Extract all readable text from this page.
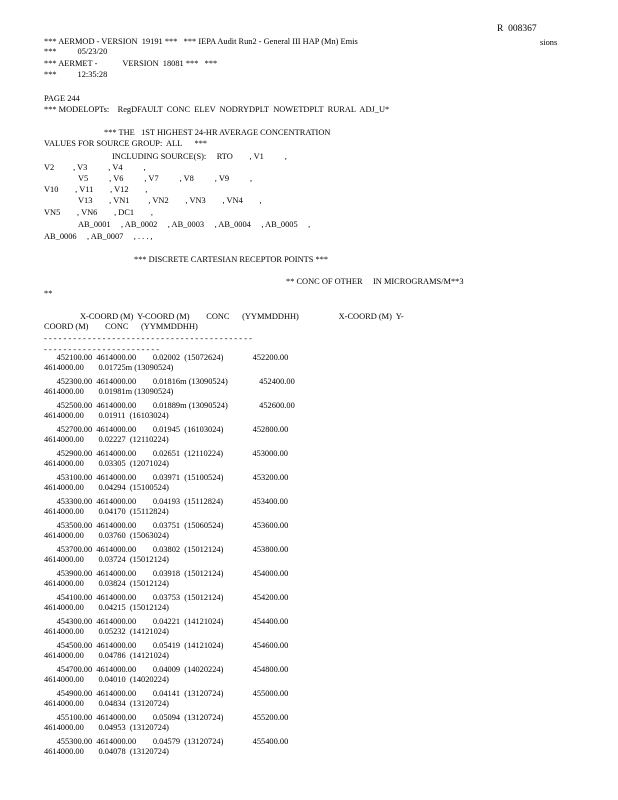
R  008367
*** AERMOD - VERSION  19191 ***   *** IEPA Audit Run2 - General III HAP (Mn) Emis	sions
***          05/23/20
*** AERMET -            VERSION  18081 ***   ***
***          12:35:28
PAGE 244
*** MODELOPTs:    RegDFAULT  CONC  ELEV  NODRYDPLT  NOWETDPLT  RURAL  ADJ_U*
*** THE   1ST HIGHEST 24-HR AVERAGE CONCENTRATION
VALUES FOR SOURCE GROUP:  ALL      ***
INCLUDING SOURCE(S):     RTO        , V1          ,
V2         , V3          , V4          ,
V5          , V6          , V7          , V8          , V9          ,
V10        , V11        , V12        ,
V13        , VN1         , VN2        , VN3        , VN4        ,
VN5        , VN6        , DC1        ,
AB_0001     , AB_0002     , AB_0003     , AB_0004     , AB_0005     ,
AB_0006     , AB_0007     , . . . ,
*** DISCRETE CARTESIAN RECEPTOR POINTS ***
** CONC OF OTHER     IN MICROGRAMS/M**3
**
X-COORD (M)  Y-COORD (M)        CONC      (YYMMDDHH)                   X-COORD (M)  Y-
COORD (M)        CONC      (YYMMDDHH)
- - - - - - - - - - - - - - - - - - - - - - - - - - - - - - - - - - - - - - - - - - -
- - - - - - - - - - - - - - - - - - - - - - - -
452100.00  4614000.00        0.02002  (15072624)              452200.00
4614000.00       0.01725m (13090524)
452300.00  4614000.00        0.01816m (13090524)               452400.00
4614000.00       0.01981m (13090524)
452500.00  4614000.00        0.01889m (13090524)               452600.00
4614000.00       0.01911  (16103024)
452700.00  4614000.00        0.01945  (16103024)              452800.00
4614000.00       0.02227  (12110224)
452900.00  4614000.00        0.02651  (12110224)              453000.00
4614000.00       0.03305  (12071024)
453100.00  4614000.00        0.03971  (15100524)              453200.00
4614000.00       0.04294  (15100524)
453300.00  4614000.00        0.04193  (15112824)              453400.00
4614000.00       0.04170  (15112824)
453500.00  4614000.00        0.03751  (15060524)              453600.00
4614000.00       0.03760  (15063024)
453700.00  4614000.00        0.03802  (15012124)              453800.00
4614000.00       0.03724  (15012124)
453900.00  4614000.00        0.03918  (15012124)              454000.00
4614000.00       0.03824  (15012124)
454100.00  4614000.00        0.03753  (15012124)              454200.00
4614000.00       0.04215  (15012124)
454300.00  4614000.00        0.04221  (14121024)              454400.00
4614000.00       0.05232  (14121024)
454500.00  4614000.00        0.05419  (14121024)              454600.00
4614000.00       0.04786  (14121024)
454700.00  4614000.00        0.04009  (14020224)              454800.00
4614000.00       0.04010  (14020224)
454900.00  4614000.00        0.04141  (13120724)              455000.00
4614000.00       0.04834  (13120724)
455100.00  4614000.00        0.05094  (13120724)              455200.00
4614000.00       0.04953  (13120724)
455300.00  4614000.00        0.04579  (13120724)              455400.00
4614000.00       0.04078  (13120724)
